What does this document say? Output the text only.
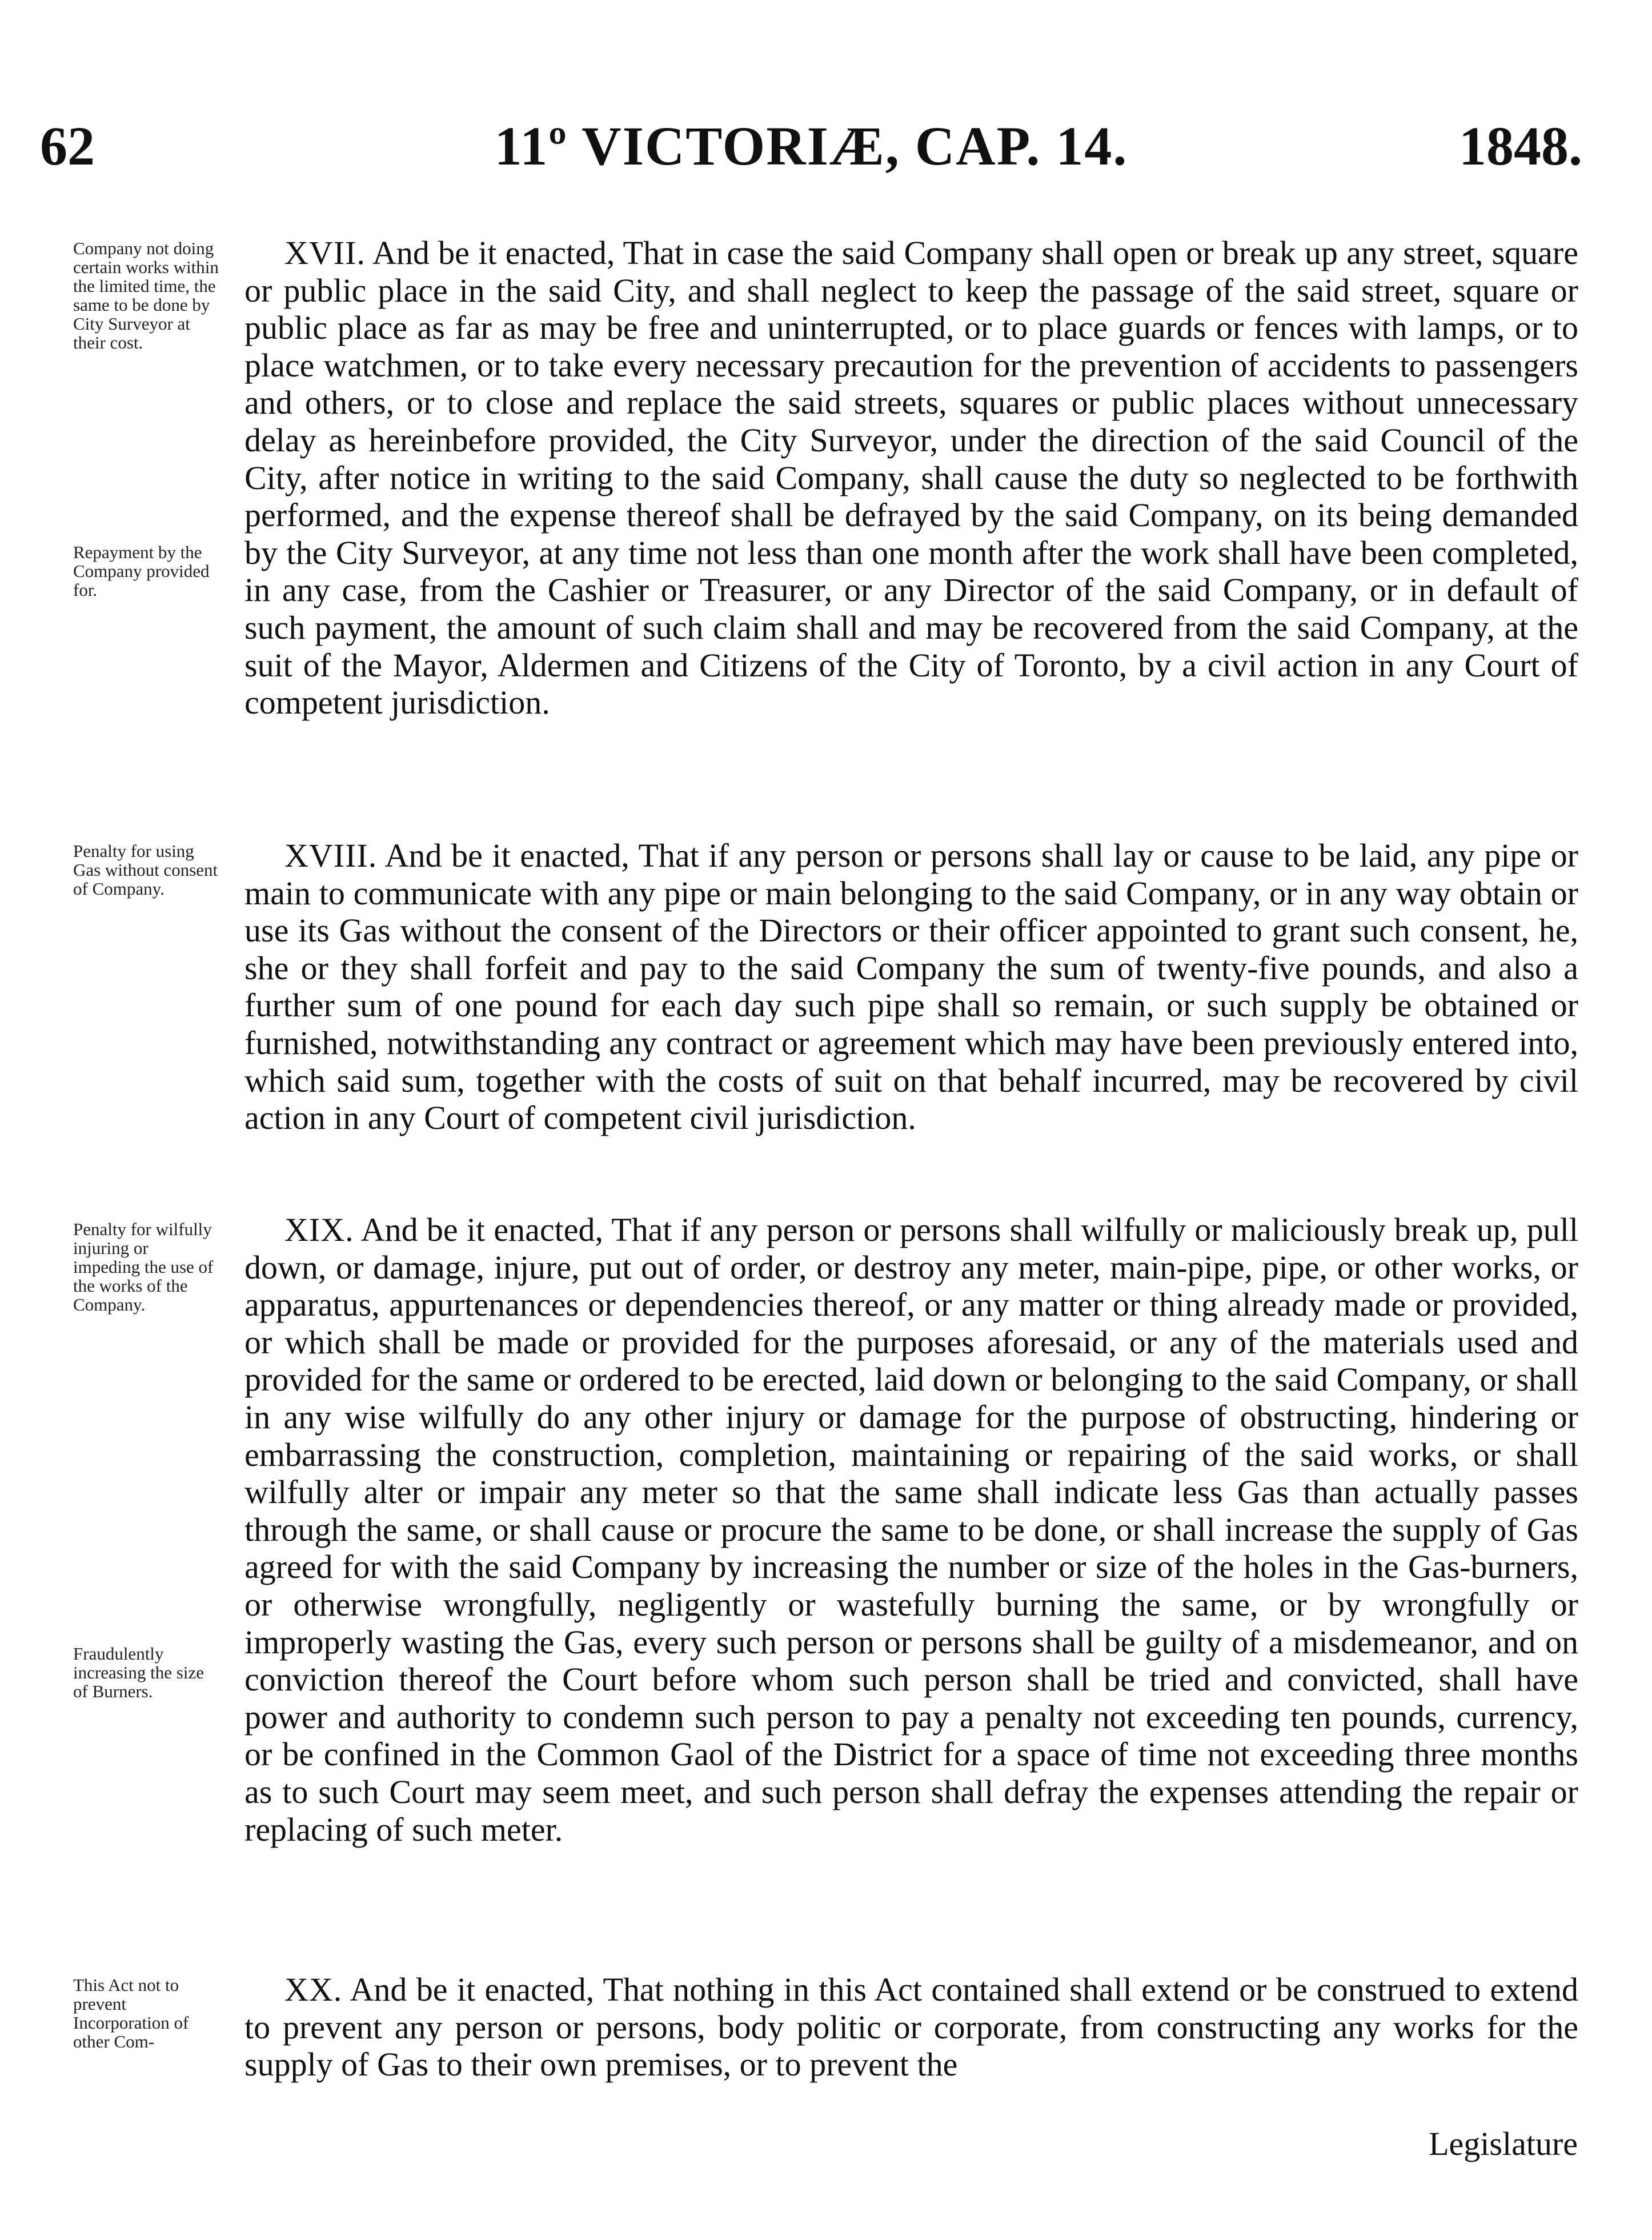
62	11º VICTORIÆ, CAP. 14.	1848.
Company not doing certain works within the limited time, the same to be done by City Surveyor at their cost.
Repayment by the Company provided for.
XVII. And be it enacted, That in case the said Company shall open or break up any street, square or public place in the said City, and shall neglect to keep the passage of the said street, square or public place as far as may be free and uninterrupted, or to place guards or fences with lamps, or to place watchmen, or to take every necessary precaution for the prevention of accidents to passengers and others, or to close and replace the said streets, squares or public places without unnecessary delay as hereinbefore provided, the City Surveyor, under the direction of the said Council of the City, after notice in writing to the said Company, shall cause the duty so neglected to be forthwith performed, and the expense thereof shall be defrayed by the said Company, on its being demanded by the City Surveyor, at any time not less than one month after the work shall have been completed, in any case, from the Cashier or Treasurer, or any Director of the said Company, or in default of such payment, the amount of such claim shall and may be recovered from the said Company, at the suit of the Mayor, Aldermen and Citizens of the City of Toronto, by a civil action in any Court of competent jurisdiction.
Penalty for using Gas without consent of Company.
XVIII. And be it enacted, That if any person or persons shall lay or cause to be laid, any pipe or main to communicate with any pipe or main belonging to the said Company, or in any way obtain or use its Gas without the consent of the Directors or their officer appointed to grant such consent, he, she or they shall forfeit and pay to the said Company the sum of twenty-five pounds, and also a further sum of one pound for each day such pipe shall so remain, or such supply be obtained or furnished, notwithstanding any contract or agreement which may have been previously entered into, which said sum, together with the costs of suit on that behalf incurred, may be recovered by civil action in any Court of competent civil jurisdiction.
Penalty for wilfully injuring or impeding the use of the works of the Company.
Fraudulently increasing the size of Burners.
XIX. And be it enacted, That if any person or persons shall wilfully or maliciously break up, pull down, or damage, injure, put out of order, or destroy any meter, main-pipe, pipe, or other works, or apparatus, appurtenances or dependencies thereof, or any matter or thing already made or provided, or which shall be made or provided for the purposes aforesaid, or any of the materials used and provided for the same or ordered to be erected, laid down or belonging to the said Company, or shall in any wise wilfully do any other injury or damage for the purpose of obstructing, hindering or embarrassing the construction, completion, maintaining or repairing of the said works, or shall wilfully alter or impair any meter so that the same shall indicate less Gas than actually passes through the same, or shall cause or procure the same to be done, or shall increase the supply of Gas agreed for with the said Company by increasing the number or size of the holes in the Gas-burners, or otherwise wrongfully, negligently or wastefully burning the same, or by wrongfully or improperly wasting the Gas, every such person or persons shall be guilty of a misdemeanor, and on conviction thereof the Court before whom such person shall be tried and convicted, shall have power and authority to condemn such person to pay a penalty not exceeding ten pounds, currency, or be confined in the Common Gaol of the District for a space of time not exceeding three months as to such Court may seem meet, and such person shall defray the expenses attending the repair or replacing of such meter.
This Act not to prevent Incorporation of other Com-
XX. And be it enacted, That nothing in this Act contained shall extend or be construed to extend to prevent any person or persons, body politic or corporate, from constructing any works for the supply of Gas to their own premises, or to prevent the
Legislature
